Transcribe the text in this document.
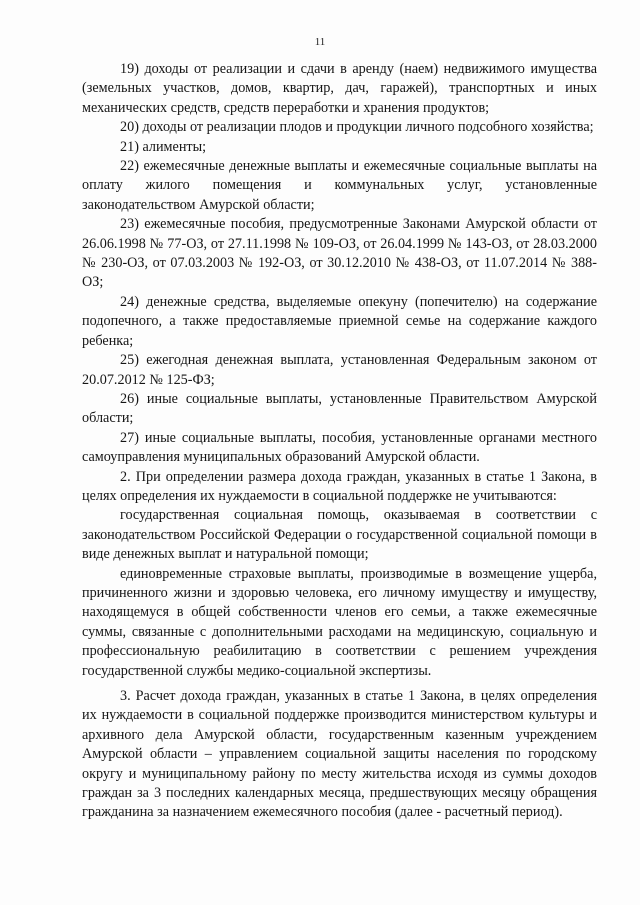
11

19) доходы от реализации и сдачи в аренду (наем) недвижимого имущества (земельных участков, домов, квартир, дач, гаражей), транспортных и иных механических средств, средств переработки и хранения продуктов;

20) доходы от реализации плодов и продукции личного подсобного хозяйства;

21) алименты;

22) ежемесячные денежные выплаты и ежемесячные социальные выплаты на оплату жилого помещения и коммунальных услуг, установленные законодательством Амурской области;

23) ежемесячные пособия, предусмотренные Законами Амурской области от 26.06.1998 № 77-ОЗ, от 27.11.1998 № 109-ОЗ, от 26.04.1999 № 143-ОЗ, от 28.03.2000 № 230-ОЗ, от 07.03.2003 № 192-ОЗ, от 30.12.2010 № 438-ОЗ, от 11.07.2014 № 388-ОЗ;

24) денежные средства, выделяемые опекуну (попечителю) на содержание подопечного, а также предоставляемые приемной семье на содержание каждого ребенка;

25) ежегодная денежная выплата, установленная Федеральным законом от 20.07.2012 № 125-ФЗ;

26) иные социальные выплаты, установленные Правительством Амурской области;

27) иные социальные выплаты, пособия, установленные органами местного самоуправления муниципальных образований Амурской области.

2. При определении размера дохода граждан, указанных в статье 1 Закона, в целях определения их нуждаемости в социальной поддержке не учитываются:

государственная социальная помощь, оказываемая в соответствии с законодательством Российской Федерации о государственной социальной помощи в виде денежных выплат и натуральной помощи;

единовременные страховые выплаты, производимые в возмещение ущерба, причиненного жизни и здоровью человека, его личному имуществу и имуществу, находящемуся в общей собственности членов его семьи, а также ежемесячные суммы, связанные с дополнительными расходами на медицинскую, социальную и профессиональную реабилитацию в соответствии с решением учреждения государственной службы медико-социальной экспертизы.

3. Расчет дохода граждан, указанных в статье 1 Закона, в целях определения их нуждаемости в социальной поддержке производится министерством культуры и архивного дела Амурской области, государственным казенным учреждением Амурской области – управлением социальной защиты населения по городскому округу и муниципальному району по месту жительства исходя из суммы доходов граждан за 3 последних календарных месяца, предшествующих месяцу обращения гражданина за назначением ежемесячного пособия (далее - расчетный период).
